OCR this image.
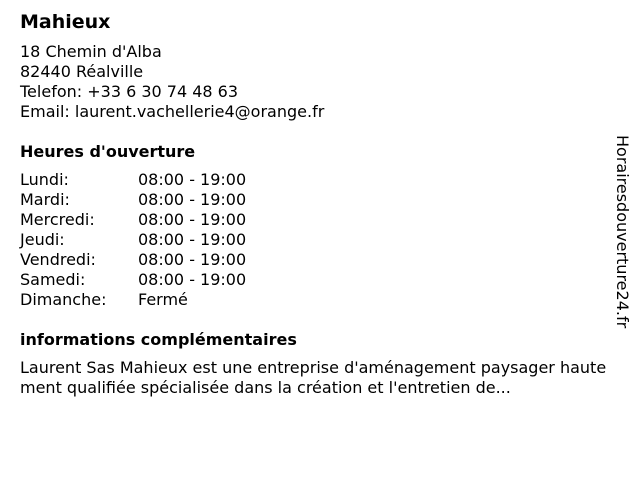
Mahieux
18 Chemin d'Alba
82440 Réalville
Telefon: +33 6 30 74 48 63
Email: laurent.vachellerie4@orange.fr
Heures d'ouverture
Lundi:	08:00 - 19:00
Mardi:	08:00 - 19:00
Mercredi:	08:00 - 19:00
Jeudi:	08:00 - 19:00
Vendredi:	08:00 - 19:00
Samedi:	08:00 - 19:00
Dimanche:	Fermé
informations complémentaires
Laurent Sas Mahieux est une entreprise d'aménagement paysager hautement qualifiée spécialisée dans la création et l'entretien de...
Horairesdouverture24.fr
